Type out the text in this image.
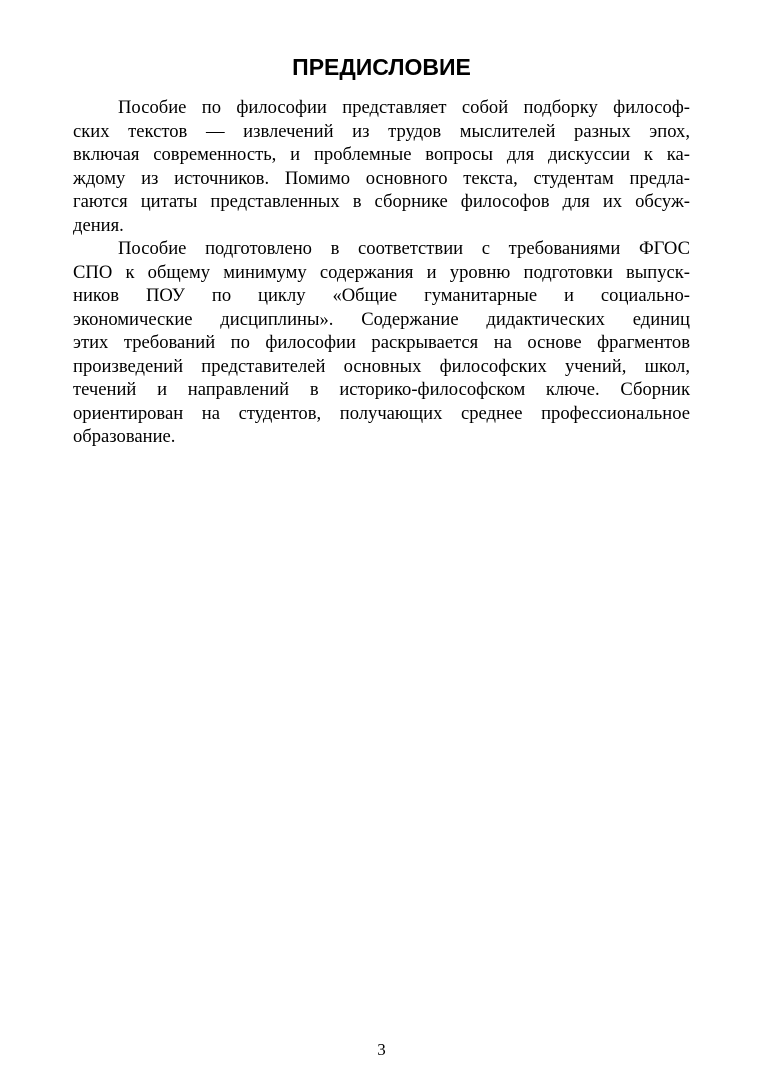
ПРЕДИСЛОВИЕ

Пособие по философии представляет собой подборку философ-
ских текстов — извлечений из трудов мыслителей разных эпох,
включая современность, и проблемные вопросы для дискуссии к ка-
ждому из источников. Помимо основного текста, студентам предла-
гаются цитаты представленных в сборнике философов для их обсуж-
дения.

Пособие подготовлено в соответствии с требованиями ФГОС
СПО к общему минимуму содержания и уровню подготовки выпуск-
ников ПОУ по циклу «Общие гуманитарные и социально-
экономические дисциплины». Содержание дидактических единиц
этих требований по философии раскрывается на основе фрагментов
произведений представителей основных философских учений, школ,
течений и направлений в историко-философском ключе. Сборник
ориентирован на студентов, получающих среднее профессиональное
образование.

3
